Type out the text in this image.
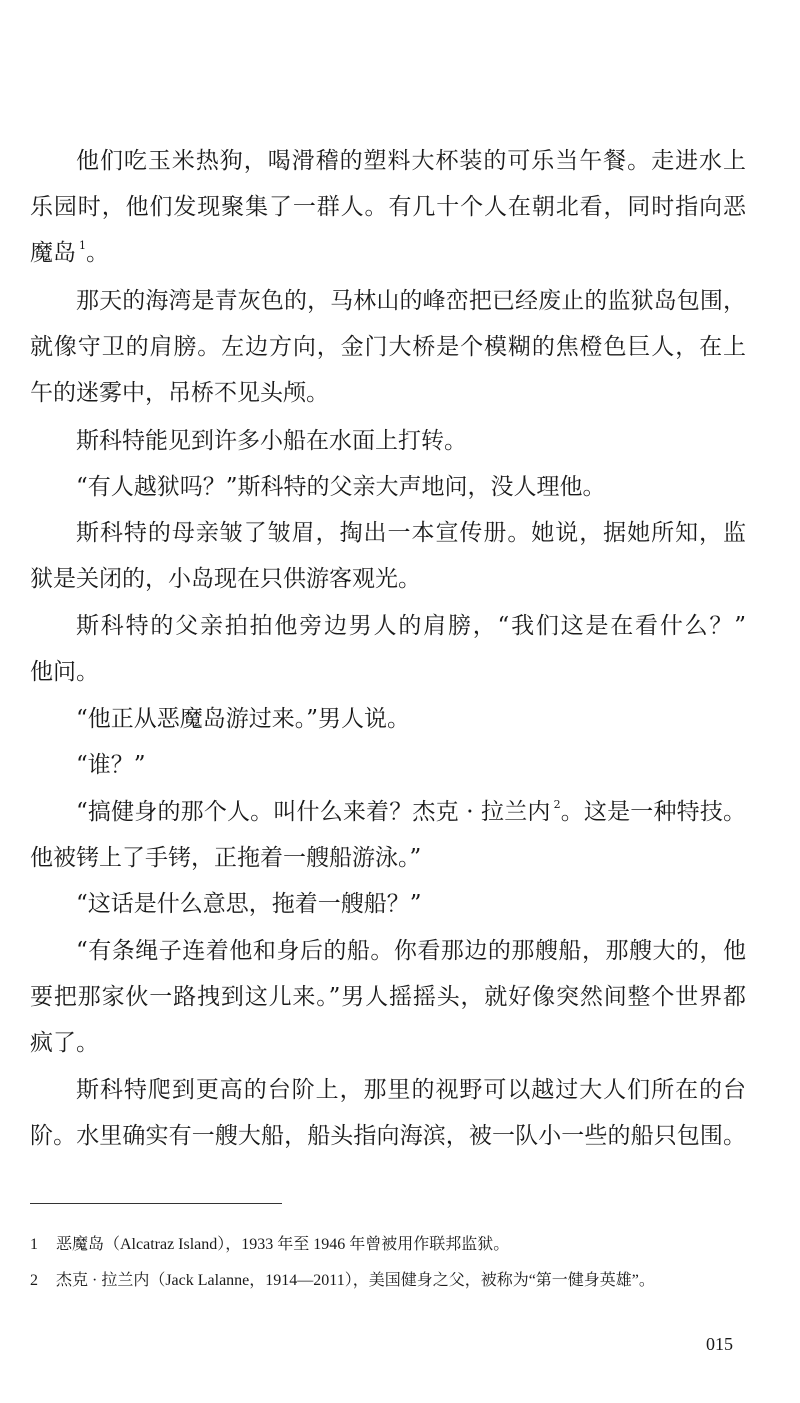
他们吃玉米热狗，喝滑稽的塑料大杯装的可乐当午餐。走进水上
乐园时，他们发现聚集了一群人。有几十个人在朝北看，同时指向恶
魔岛 $^1$。
那天的海湾是青灰色的，马林山的峰峦把已经废止的监狱岛包围，
就像守卫的肩膀。左边方向，金门大桥是个模糊的焦橙色巨人，在上
午的迷雾中，吊桥不见头颅。
斯科特能见到许多小船在水面上打转。
“有人越狱吗？”斯科特的父亲大声地问，没人理他。
斯科特的母亲皱了皱眉，掏出一本宣传册。她说，据她所知，监
狱是关闭的，小岛现在只供游客观光。
斯科特的父亲拍拍他旁边男人的肩膀，“我们这是在看什么？”
他问。
“他正从恶魔岛游过来。”男人说。
“谁？”
“搞健身的那个人。叫什么来着？杰克 · 拉兰内 $^2$。这是一种特技。
他被铐上了手铐，正拖着一艘船游泳。”
“这话是什么意思，拖着一艘船？”
“有条绳子连着他和身后的船。你看那边的那艘船，那艘大的，他
要把那家伙一路拽到这儿来。”男人摇摇头，就好像突然间整个世界都
疯了。
斯科特爬到更高的台阶上，那里的视野可以越过大人们所在的台
阶。水里确实有一艘大船，船头指向海滨，被一队小一些的船只包围。
1 恶魔岛（Alcatraz Island），1933 年至 1946 年曾被用作联邦监狱。
2 杰克 · 拉兰内（Jack Lalanne，1914—2011），美国健身之父，被称为“第一健身英雄”。
015
